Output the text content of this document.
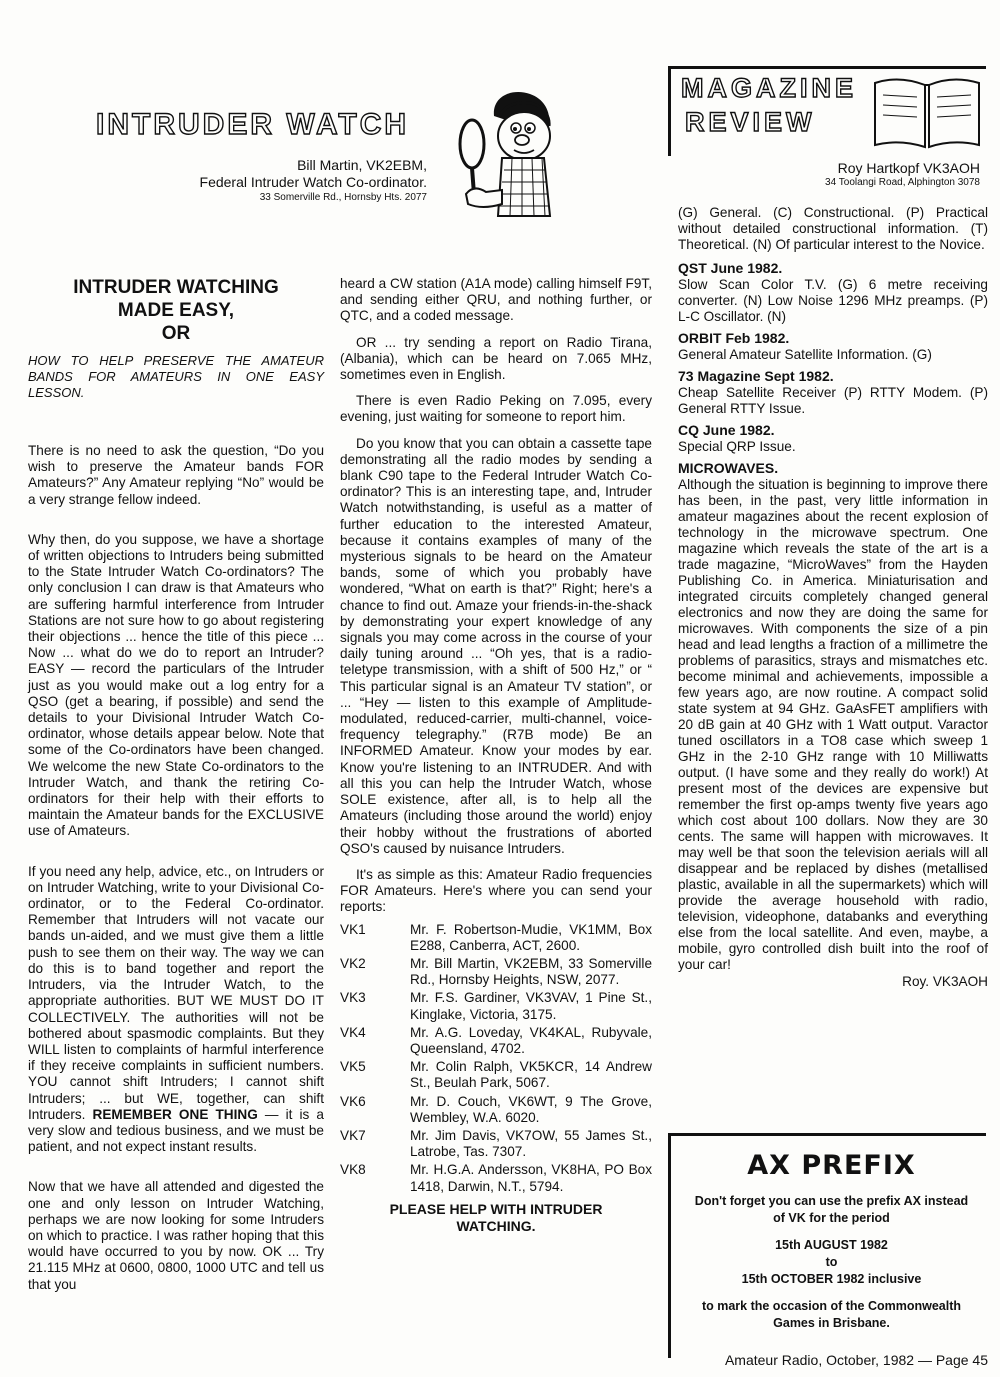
INTRUDER WATCH
Bill Martin, VK2EBM,
Federal Intruder Watch Co-ordinator.
33 Somerville Rd., Hornsby Hts. 2077
MAGAZINE
REVIEW
Roy Hartkopf VK3AOH
34 Toolangi Road, Alphington 3078
INTRUDER WATCHING
MADE EASY,
OR
HOW TO HELP PRESERVE THE AMATEUR BANDS FOR AMATEURS IN ONE EASY LESSON.

There is no need to ask the question, “Do you wish to preserve the Amateur bands FOR Amateurs?” Any Amateur replying “No” would be a very strange fellow indeed.

Why then, do you suppose, we have a shortage of written objections to Intruders being submitted to the State Intruder Watch Co-ordinators? The only conclusion I can draw is that Amateurs who are suffering harmful interference from Intruder Stations are not sure how to go about registering their objections ... hence the title of this piece ... Now ... what do we do to report an Intruder? EASY — record the particulars of the Intruder just as you would make out a log entry for a QSO (get a bearing, if possible) and send the details to your Divisional Intruder Watch Co-ordinator, whose details appear below. Note that some of the Co-ordinators have been changed. We welcome the new State Co-ordinators to the Intruder Watch, and thank the retiring Co-ordinators for their help with their efforts to maintain the Amateur bands for the EXCLUSIVE use of Amateurs.

If you need any help, advice, etc., on Intruders or on Intruder Watching, write to your Divisional Co-ordinator, or to the Federal Co-ordinator. Remember that Intruders will not vacate our bands un-aided, and we must give them a little push to see them on their way. The way we can do this is to band together and report the Intruders, via the Intruder Watch, to the appropriate authorities. BUT WE MUST DO IT COLLECTIVELY. The authorities will not be bothered about spasmodic complaints. But they WILL listen to complaints of harmful interference if they receive complaints in sufficient numbers. YOU cannot shift Intruders; I cannot shift Intruders; ... but WE, together, can shift Intruders. REMEMBER ONE THING — it is a very slow and tedious business, and we must be patient, and not expect instant results.

Now that we have all attended and digested the one and only lesson on Intruder Watching, perhaps we are now looking for some Intruders on which to practice. I was rather hoping that this would have occurred to you by now. OK ... Try 21.115 MHz at 0600, 0800, 1000 UTC and tell us that you

heard a CW station (A1A mode) calling himself F9T, and sending either QRU, and nothing further, or QTC, and a coded message.

OR ... try sending a report on Radio Tirana, (Albania), which can be heard on 7.065 MHz, sometimes even in English.

There is even Radio Peking on 7.095, every evening, just waiting for someone to report him.

Do you know that you can obtain a cassette tape demonstrating all the radio modes by sending a blank C90 tape to the Federal Intruder Watch Co-ordinator? This is an interesting tape, and, Intruder Watch notwithstanding, is useful as a matter of further education to the interested Amateur, because it contains examples of many of the mysterious signals to be heard on the Amateur bands, some of which you probably have wondered, “What on earth is that?” Right; here's a chance to find out. Amaze your friends-in-the-shack by demonstrating your expert knowledge of any signals you may come across in the course of your daily tuning around ... “Oh yes, that is a radio-teletype transmission, with a shift of 500 Hz,” or “ This particular signal is an Amateur TV station”, or ... “Hey — listen to this example of Amplitude-modulated, reduced-carrier, multi-channel, voice-frequency telegraphy.” (R7B mode) Be an INFORMED Amateur. Know your modes by ear. Know you're listening to an INTRUDER. And with all this you can help the Intruder Watch, whose SOLE existence, after all, is to help all the Amateurs (including those around the world) enjoy their hobby without the frustrations of aborted QSO's caused by nuisance Intruders.

It's as simple as this: Amateur Radio frequencies FOR Amateurs. Here's where you can send your reports:

VK1	Mr. F. Robertson-Mudie, VK1MM, Box E288, Canberra, ACT, 2600.
VK2	Mr. Bill Martin, VK2EBM, 33 Somerville Rd., Hornsby Heights, NSW, 2077.
VK3	Mr. F.S. Gardiner, VK3VAV, 1 Pine St., Kinglake, Victoria, 3175.
VK4	Mr. A.G. Loveday, VK4KAL, Rubyvale, Queensland, 4702.
VK5	Mr. Colin Ralph, VK5KCR, 14 Andrew St., Beulah Park, 5067.
VK6	Mr. D. Couch, VK6WT, 9 The Grove, Wembley, W.A. 6020.
VK7	Mr. Jim Davis, VK7OW, 55 James St., Latrobe, Tas. 7307.
VK8	Mr. H.G.A. Andersson, VK8HA, PO Box 1418, Darwin, N.T., 5794.
PLEASE HELP WITH INTRUDER WATCHING.

(G) General. (C) Constructional. (P) Practical without detailed constructional information. (T) Theoretical. (N) Of particular interest to the Novice.

QST June 1982.

Slow Scan Color T.V. (G) 6 metre receiving converter. (N) Low Noise 1296 MHz preamps. (P) L-C Oscillator. (N)

ORBIT Feb 1982.

General Amateur Satellite Information. (G)

73 Magazine Sept 1982.

Cheap Satellite Receiver (P) RTTY Modem. (P) General RTTY Issue.

CQ June 1982.

Special QRP Issue.

MICROWAVES.

Although the situation is beginning to improve there has been, in the past, very little information in amateur magazines about the recent explosion of technology in the microwave spectrum. One magazine which reveals the state of the art is a trade magazine, “MicroWaves” from the Hayden Publishing Co. in America. Miniaturisation and integrated circuits completely changed general electronics and now they are doing the same for microwaves. With components the size of a pin head and lead lengths a fraction of a millimetre the problems of parasitics, strays and mismatches etc. become minimal and achievements, impossible a few years ago, are now routine. A compact solid state system at 94 GHz. GaAsFET amplifiers with 20 dB gain at 40 GHz with 1 Watt output. Varactor tuned oscillators in a TO8 case which sweep 1 GHz in the 2-10 GHz range with 10 Milliwatts output. (I have some and they really do work!) At present most of the devices are expensive but remember the first op-amps twenty five years ago which cost about 100 dollars. Now they are 30 cents. The same will happen with microwaves. It may well be that soon the television aerials will all disappear and be replaced by dishes (metallised plastic, available in all the supermarkets) which will provide the average household with radio, television, videophone, databanks and everything else from the local satellite. And even, maybe, a mobile, gyro controlled dish built into the roof of your car!

Roy. VK3AOH
AX PREFIX

Don't forget you can use the prefix AX instead of VK for the period

15th AUGUST 1982

to

15th OCTOBER 1982 inclusive

to mark the occasion of the Commonwealth Games in Brisbane.

Amateur Radio, October, 1982 — Page 45
